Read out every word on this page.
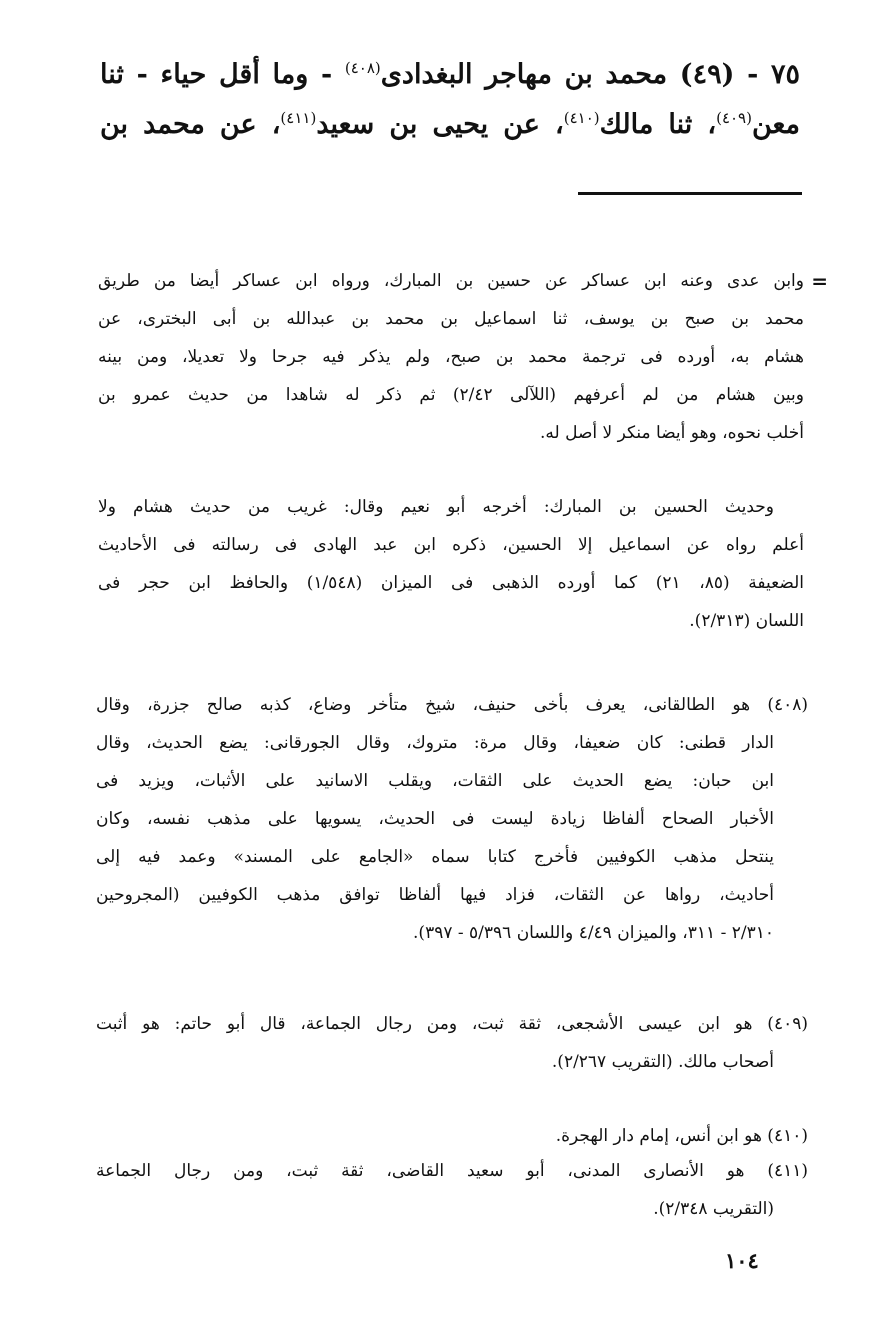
٧٥ - (٤٩) محمد بن مهاجر البغدادى$^{(٤٠٨)}$ - وما أقل حياء - ثنا
معن$^{(٤٠٩)}$، ثنا مالك$^{(٤١٠)}$، عن يحيى بن سعيد$^{(٤١١)}$، عن محمد بن
=
وابن عدى وعنه ابن عساكر عن حسين بن المبارك، ورواه ابن عساكر أيضا من طريق
محمد بن صبح بن يوسف، ثنا اسماعيل بن محمد بن عبدالله بن أبى البخترى، عن
هشام به، أورده فى ترجمة محمد بن صبح، ولم يذكر فيه جرحا ولا تعديلا، ومن بينه
وبين هشام من لم أعرفهم (اللآلى ٢/٤٢) ثم ذكر له شاهدا من حديث عمرو بن
أخلب نحوه، وهو أيضا منكر لا أصل له.
وحديث الحسين بن المبارك: أخرجه أبو نعيم وقال: غريب من حديث هشام ولا
أعلم رواه عن اسماعيل إلا الحسين، ذكره ابن عبد الهادى فى رسالته فى الأحاديث
الضعيفة (٨٥، ٢١) كما أورده الذهبى فى الميزان (١/٥٤٨) والحافظ ابن حجر فى
اللسان (٢/٣١٣).
(٤٠٨) هو الطالقانى، يعرف بأخى حنيف، شيخ متأخر وضاع، كذبه صالح جزرة، وقال
الدار قطنى: كان ضعيفا، وقال مرة: متروك، وقال الجورقانى: يضع الحديث، وقال
ابن حبان: يضع الحديث على الثقات، ويقلب الاسانيد على الأثبات، ويزيد فى
الأخبار الصحاح ألفاظا زيادة ليست فى الحديث، يسويها على مذهب نفسه، وكان
ينتحل مذهب الكوفيين فأخرج كتابا سماه «الجامع على المسند» وعمد فيه إلى
أحاديث، رواها عن الثقات، فزاد فيها ألفاظا توافق مذهب الكوفيين (المجروحين
٢/٣١٠ - ٣١١، والميزان ٤/٤٩ واللسان ٥/٣٩٦ - ٣٩٧).
(٤٠٩) هو ابن عيسى الأشجعى، ثقة ثبت، ومن رجال الجماعة، قال أبو حاتم: هو أثبت
أصحاب مالك. (التقريب ٢/٢٦٧).
(٤١٠) هو ابن أنس، إمام دار الهجرة.
(٤١١) هو الأنصارى المدنى، أبو سعيد القاضى، ثقة ثبت، ومن رجال الجماعة
(التقريب ٢/٣٤٨).
١٠٤
